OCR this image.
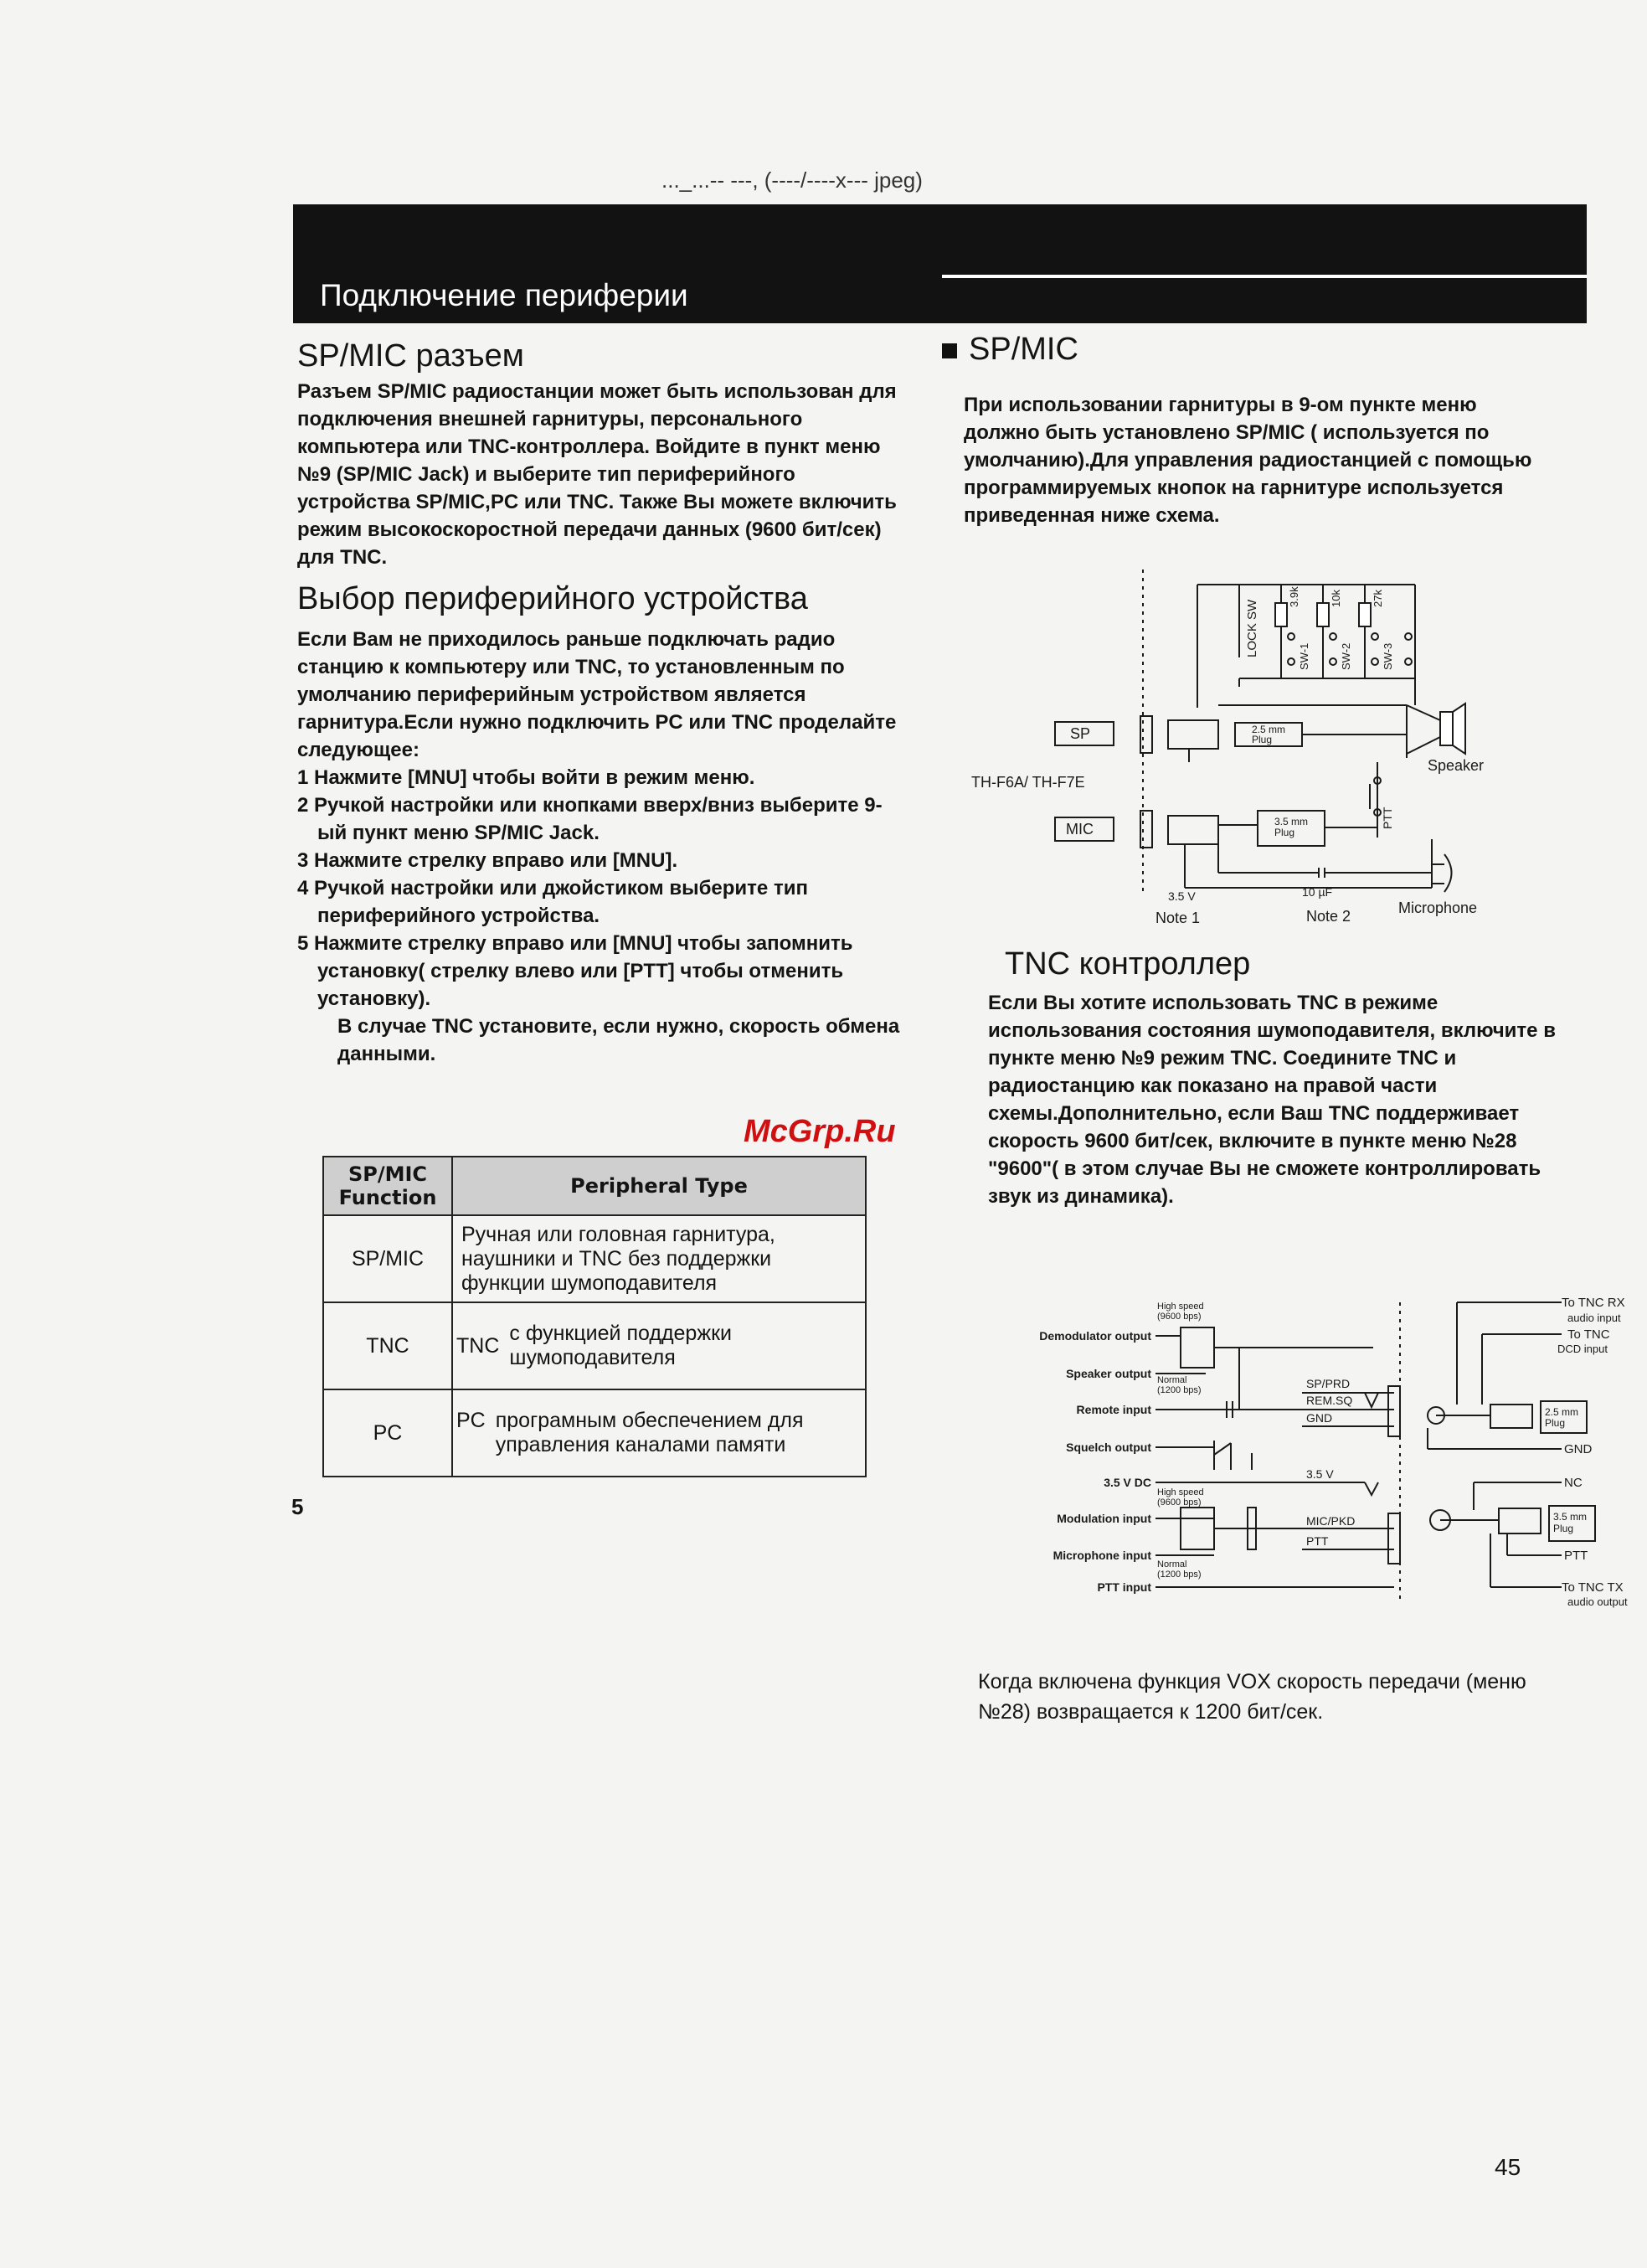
..._...-- ---, (----/----x--- jpeg)
Подключение периферии
SP/MIC разъем

Разъем SP/MIC радиостанции может быть использован для подключения внешней гарнитуры, персонального компьютера или TNC-контроллера. Войдите в пункт меню №9 (SP/MIC Jack) и выберите тип периферийного устройства SP/MIC,PC или TNC. Также Вы можете включить режим высокоскоростной передачи данных (9600 бит/сек) для TNC.

Выбор периферийного устройства

Если Вам не приходилось раньше подключать радио станцию к компьютеру или TNC, то установленным по умолчанию периферийным устройством является гарнитура.Если нужно подключить PC или TNC проделайте следующее:

1 Нажмите [MNU] чтобы войти в режим меню.
2 Ручкой настройки или кнопками вверх/вниз выберите 9-ый пункт меню SP/MIC Jack.
3 Нажмите стрелку вправо или [MNU].
4 Ручкой настройки или джойстиком выберите тип периферийного устройства.
5 Нажмите стрелку вправо или [MNU] чтобы запомнить установку( стрелку влево или [PTT] чтобы отменить установку).
В случае TNC установите, если нужно, скорость обмена данными.
McGrp.Ru
SP/MIC Function	Peripheral Type
SP/MIC	Ручная или головная гарнитура, наушники и TNC без поддержки функции шумоподавителя
TNC	TNC
с функцией поддержки шумоподавителя

PC	PC програмным обеспечением для управления каналами памяти
5
SP/MIC

При использовании гарнитуры в 9-ом пункте меню должно быть установлено SP/MIC ( используется по умолчанию).Для управления радиостанцией с помощью программируемых кнопок на гарнитуре используется приведенная ниже схема.

LOCK SW
3.9k	10k	27k
SW-1	SW-2	SW-3
SP
MIC
TH-F6A/ TH-F7E
2.5 mm
Plug
3.5 mm
Plug
Speaker
PTT
Microphone
3.5 V	10 µF
Note 1	Note 2
TNC контроллер

Если Вы хотите использовать TNC в режиме использования состояния шумоподавителя, включите в пункте меню №9 режим TNC. Соедините TNC и радиостанцию как показано на правой части схемы.Дополнительно, если Ваш TNC поддерживает скорость 9600 бит/сек, включите в пункте меню №28 "9600"( в этом случае Вы не сможете контроллировать звук из динамика).

Demodulator output
Speaker output
Remote input
Squelch output
3.5 V DC
Modulation input
Microphone input
PTT input
High speed
(9600 bps)
Normal
(1200 bps)
High speed
(9600 bps)
Normal
(1200 bps)
SP/PRD
REM.SQ
GND
3.5 V
MIC/PKD
PTT
2.5 mm
Plug
3.5 mm
Plug
To TNC RX
audio input
To TNC
DCD input
GND
NC
PTT
To TNC TX
audio output

Когда включена функция VOX скорость передачи (меню №28) возвращается к 1200 бит/сек.

45
